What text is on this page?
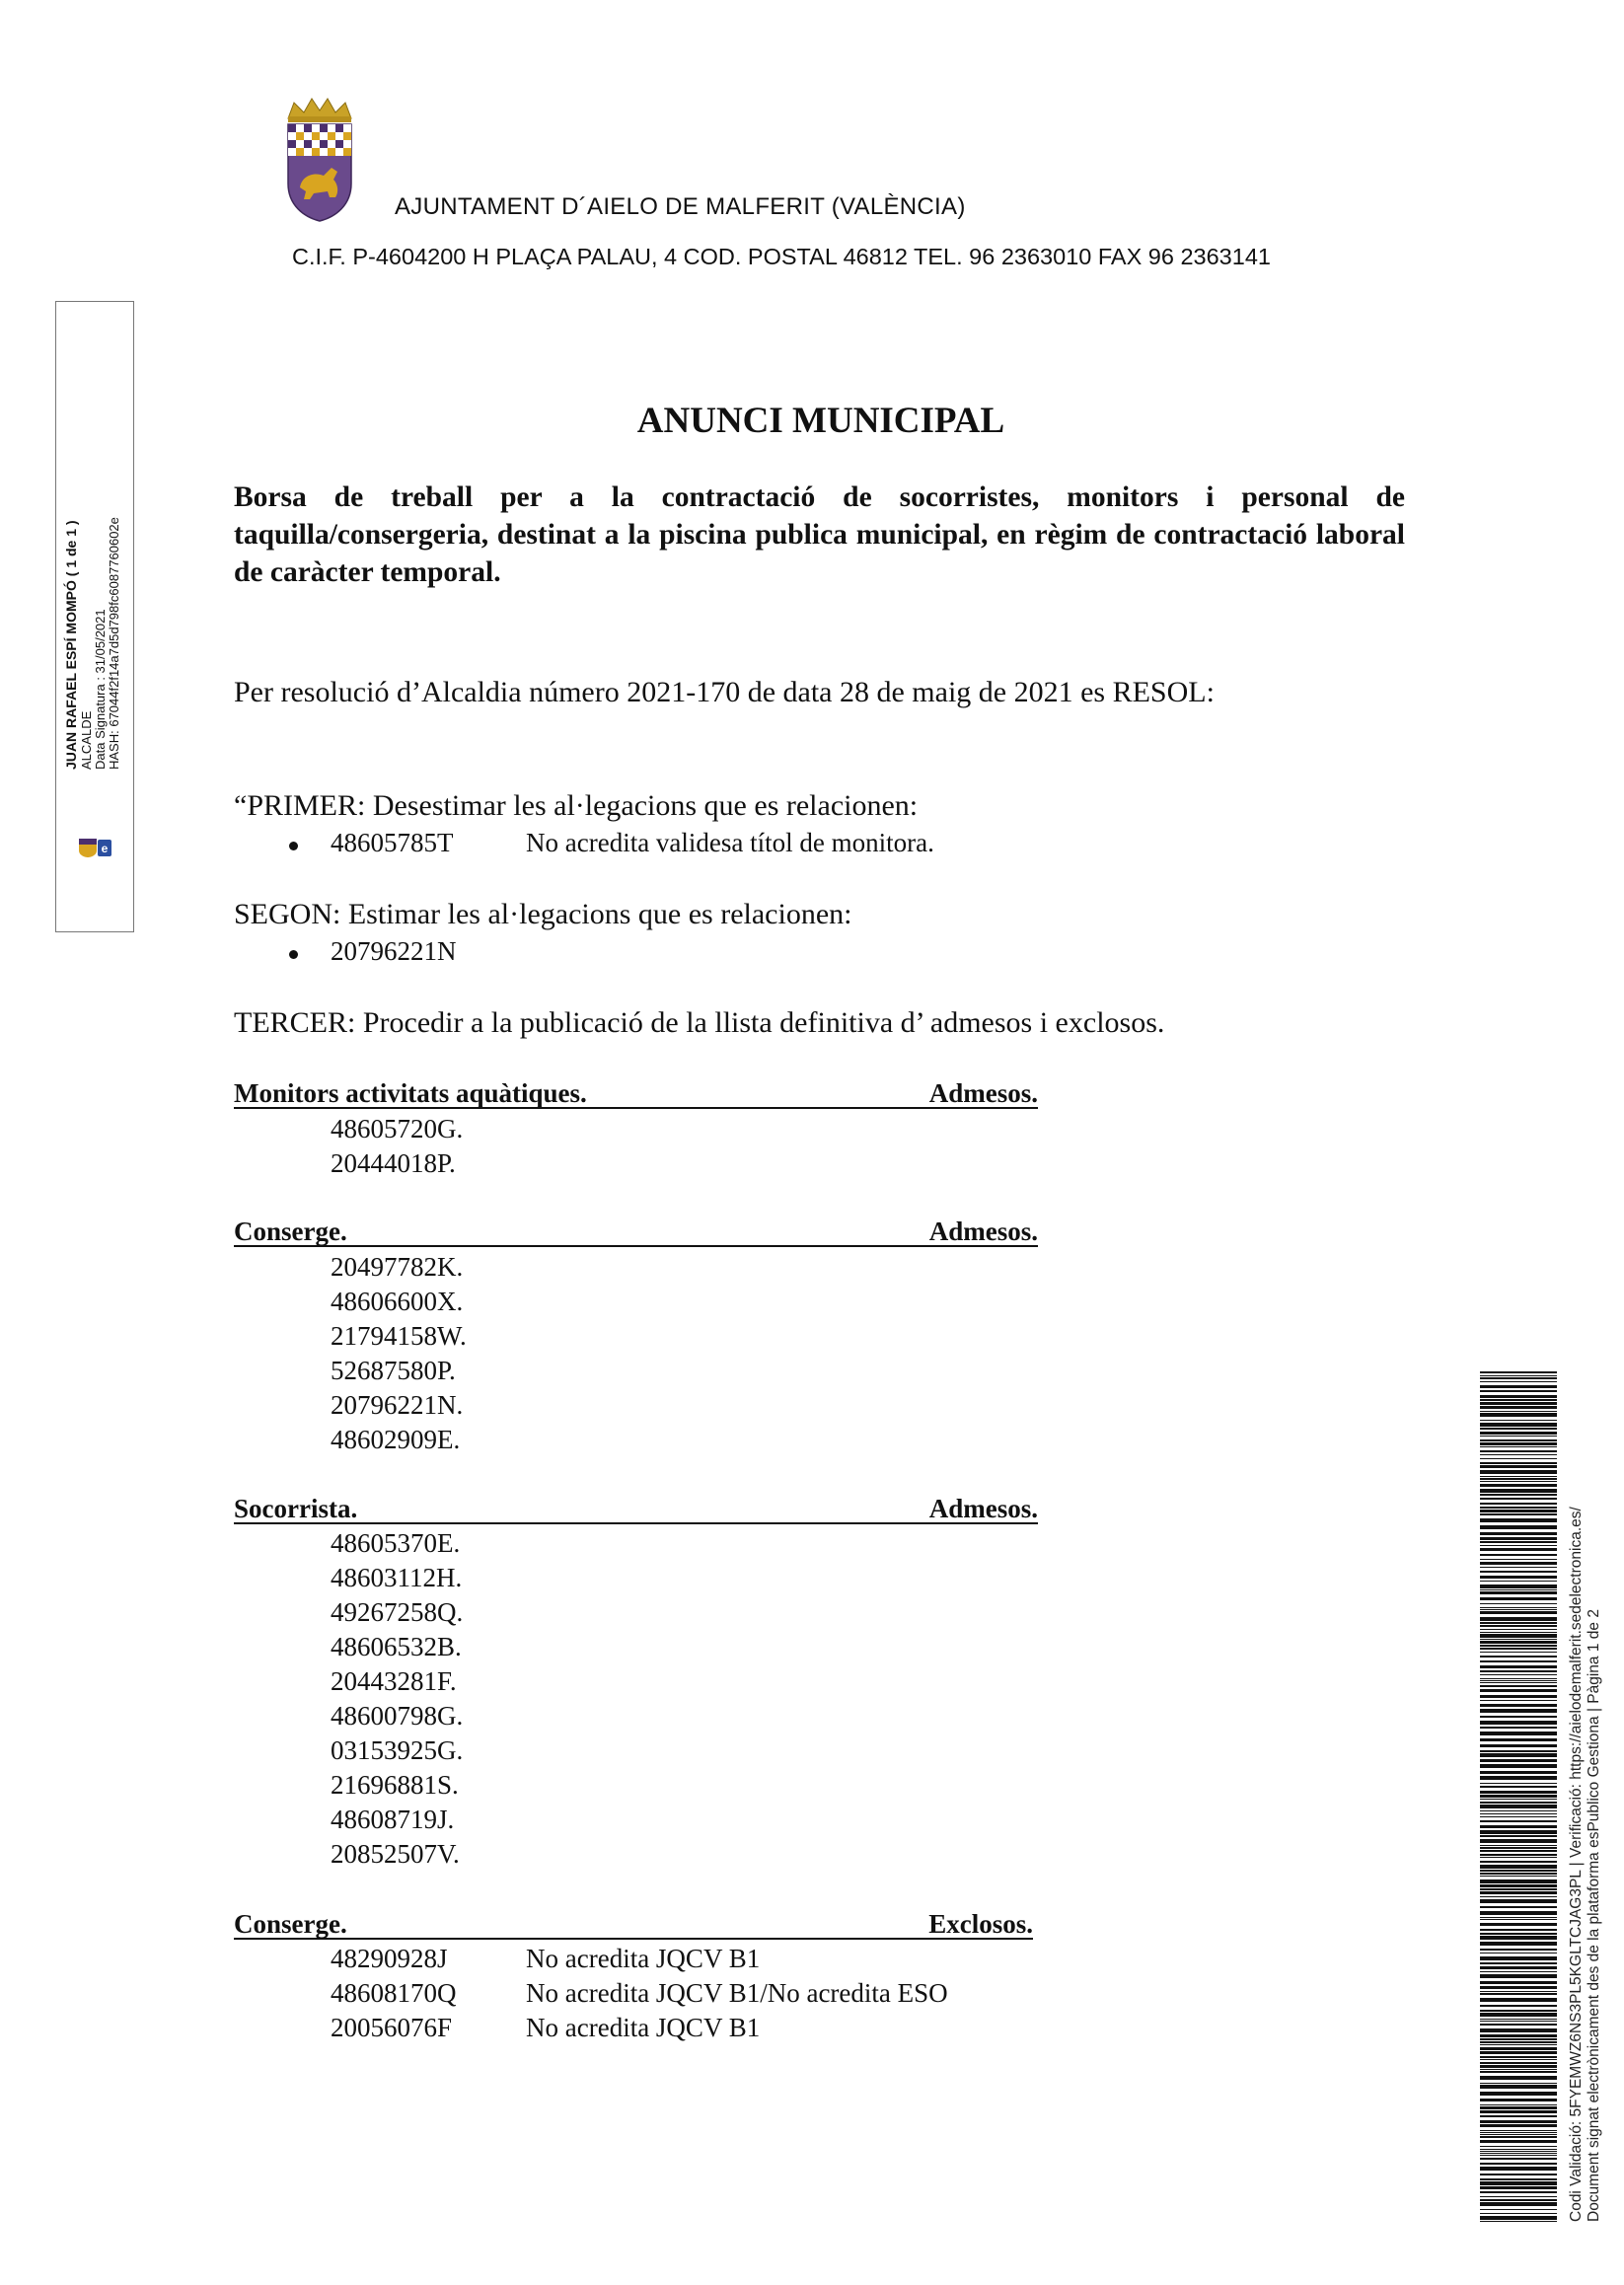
AJUNTAMENT D´AIELO DE MALFERIT (VALÈNCIA)
C.I.F. P-4604200 H PLAÇA PALAU, 4 COD. POSTAL 46812 TEL. 96 2363010 FAX 96 2363141
JUAN RAFAEL ESPÍ MOMPÓ ( 1 de 1 ) ALCALDE Data Signatura : 31/05/2021 HASH: 67044f2f14a7d5d798fc6087760602e
e
ANUNCI MUNICIPAL
Borsa de treball per a la contractació de socorristes, monitors i personal de taquilla/consergeria, destinat a la piscina publica municipal, en règim de contractació laboral de caràcter temporal.
Per resolució d’Alcaldia número 2021-170 de data 28 de maig de 2021 es RESOL:
“PRIMER: Desestimar les al·legacions que es relacionen:
48605785T	No acredita validesa títol de monitora.
SEGON: Estimar les al·legacions que es relacionen:
20796221N
TERCER: Procedir a la publicació de la llista definitiva d’ admesos i exclosos.
Monitors activitats aquàtiques.	Admesos.
48605720G.
20444018P.
Conserge.	Admesos.
20497782K.
48606600X.
21794158W.
52687580P.
20796221N.
48602909E.
Socorrista.	Admesos.
48605370E.
48603112H.
49267258Q.
48606532B.
20443281F.
48600798G.
03153925G.
21696881S.
48608719J.
20852507V.
Conserge.	Exclosos.
48290928J	No acredita JQCV B1
48608170Q	No acredita JQCV B1/No acredita ESO
20056076F	No acredita JQCV B1	Codi Validació: 5FYEMWZ6NS3PL5KGLTCJAG3PL | Verificació: https://aielodemalferit.sedelectronica.es/ Document signat electrònicament des de la plataforma esPublico Gestiona | Pàgina 1 de 2
